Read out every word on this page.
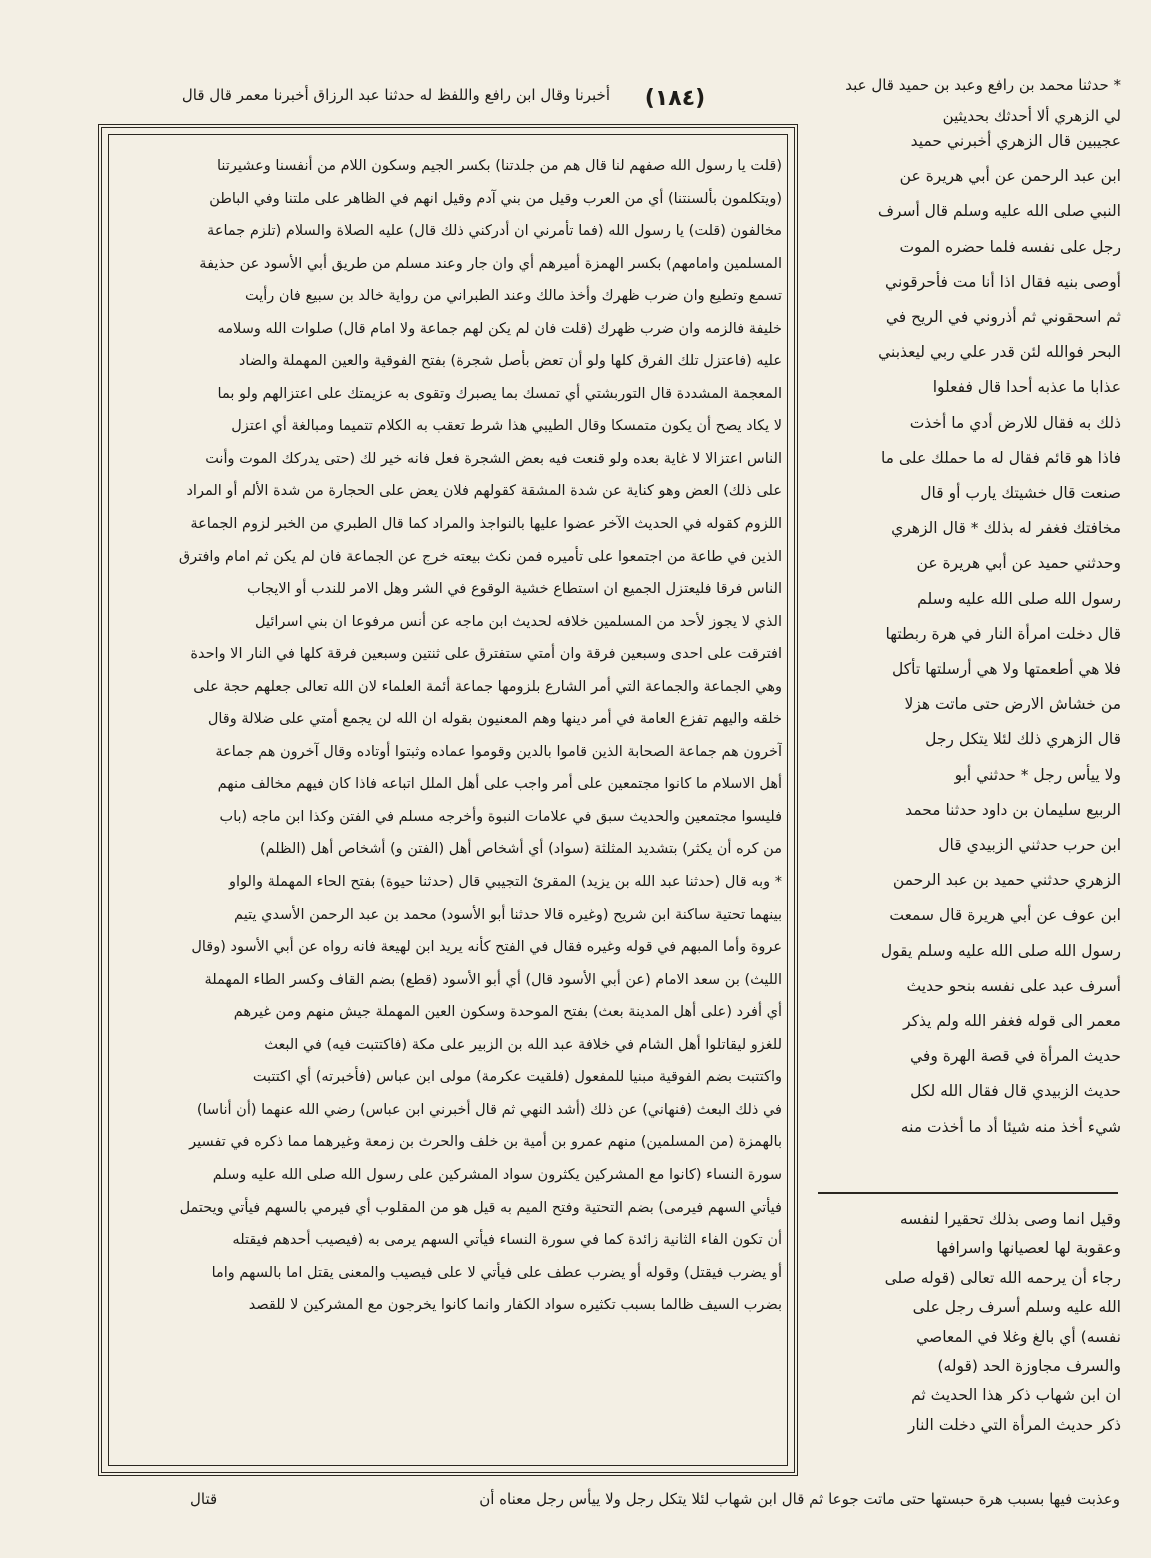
* حدثنا محمد بن رافع وعبد بن حميد قال عبد
لي الزهري ألا أحدثك بحديثين
(١٨٤)
أخبرنا وقال ابن رافع واللفظ له حدثنا عبد الرزاق أخبرنا معمر قال قال
(قلت يا رسول الله صفهم لنا قال هم من جلدتنا) بكسر الجيم وسكون اللام من أنفسنا وعشيرتنا
(ويتكلمون بألسنتنا) أي من العرب وقيل من بني آدم وقيل انهم في الظاهر على ملتنا وفي الباطن
مخالفون (قلت) يا رسول الله (فما تأمرني ان أدركني ذلك قال) عليه الصلاة والسلام (تلزم جماعة
المسلمين وامامهم) بكسر الهمزة أميرهم أي وان جار وعند مسلم من طريق أبي الأسود عن حذيفة
تسمع وتطيع وان ضرب ظهرك وأخذ مالك وعند الطبراني من رواية خالد بن سبيع فان رأيت
خليفة فالزمه وان ضرب ظهرك (قلت فان لم يكن لهم جماعة ولا امام قال) صلوات الله وسلامه
عليه (فاعتزل تلك الفرق كلها ولو أن تعض بأصل شجرة) بفتح الفوقية والعين المهملة والضاد
المعجمة المشددة قال التوربشتي أي تمسك بما يصبرك وتقوى به عزيمتك على اعتزالهم ولو بما
لا يكاد يصح أن يكون متمسكا وقال الطيبي هذا شرط تعقب به الكلام تتميما ومبالغة أي اعتزل
الناس اعتزالا لا غاية بعده ولو قنعت فيه بعض الشجرة فعل فانه خير لك (حتى يدركك الموت وأنت
على ذلك) العض وهو كناية عن شدة المشقة كقولهم فلان يعض على الحجارة من شدة الألم أو المراد
اللزوم كقوله في الحديث الآخر عضوا عليها بالنواجذ والمراد كما قال الطبري من الخبر لزوم الجماعة
الذين في طاعة من اجتمعوا على تأميره فمن نكث بيعته خرج عن الجماعة فان لم يكن ثم امام وافترق
الناس فرقا فليعتزل الجميع ان استطاع خشية الوقوع في الشر وهل الامر للندب أو الايجاب
الذي لا يجوز لأحد من المسلمين خلافه لحديث ابن ماجه عن أنس مرفوعا ان بني اسرائيل
افترقت على احدى وسبعين فرقة وان أمتي ستفترق على ثنتين وسبعين فرقة كلها في النار الا واحدة
وهي الجماعة والجماعة التي أمر الشارع بلزومها جماعة أئمة العلماء لان الله تعالى جعلهم حجة على
خلقه واليهم تفزع العامة في أمر دينها وهم المعنيون بقوله ان الله لن يجمع أمتي على ضلالة وقال
آخرون هم جماعة الصحابة الذين قاموا بالدين وقوموا عماده وثبتوا أوتاده وقال آخرون هم جماعة
أهل الاسلام ما كانوا مجتمعين على أمر واجب على أهل الملل اتباعه فاذا كان فيهم مخالف منهم
فليسوا مجتمعين والحديث سبق في علامات النبوة وأخرجه مسلم في الفتن وكذا ابن ماجه (باب
من كره أن يكثر) بتشديد المثلثة (سواد) أي أشخاص أهل (الفتن و) أشخاص أهل (الظلم)
* وبه قال (حدثنا عبد الله بن يزيد) المقرئ التجيبي قال (حدثنا حيوة) بفتح الحاء المهملة والواو
بينهما تحتية ساكنة ابن شريح (وغيره قالا حدثنا أبو الأسود) محمد بن عبد الرحمن الأسدي يتيم
عروة وأما المبهم في قوله وغيره فقال في الفتح كأنه يريد ابن لهيعة فانه رواه عن أبي الأسود (وقال
الليث) بن سعد الامام (عن أبي الأسود قال) أي أبو الأسود (قطع) بضم القاف وكسر الطاء المهملة
أي أفرد (على أهل المدينة بعث) بفتح الموحدة وسكون العين المهملة جيش منهم ومن غيرهم
للغزو ليقاتلوا أهل الشام في خلافة عبد الله بن الزبير على مكة (فاكتتبت فيه) في البعث
واكتتبت بضم الفوقية مبنيا للمفعول (فلقيت عكرمة) مولى ابن عباس (فأخبرته) أي اكتتبت
في ذلك البعث (فنهاني) عن ذلك (أشد النهي ثم قال أخبرني ابن عباس) رضي الله عنهما (أن أناسا)
بالهمزة (من المسلمين) منهم عمرو بن أمية بن خلف والحرث بن زمعة وغيرهما مما ذكره في تفسير
سورة النساء (كانوا مع المشركين يكثرون سواد المشركين على رسول الله صلى الله عليه وسلم
فيأتي السهم فيرمى) بضم التحتية وفتح الميم به قيل هو من المقلوب أي فيرمي بالسهم فيأتي ويحتمل
أن تكون الفاء الثانية زائدة كما في سورة النساء فيأتي السهم يرمى به (فيصيب أحدهم فيقتله
أو يضرب فيقتل) وقوله أو يضرب عطف على فيأتي لا على فيصيب والمعنى يقتل اما بالسهم واما
بضرب السيف ظالما بسبب تكثيره سواد الكفار وانما كانوا يخرجون مع المشركين لا للقصد
عجيبين قال الزهري أخبرني حميد
ابن عبد الرحمن عن أبي هريرة عن
النبي صلى الله عليه وسلم قال أسرف
رجل على نفسه فلما حضره الموت
أوصى بنيه فقال اذا أنا مت فأحرقوني
ثم اسحقوني ثم أذروني في الريح في
البحر فوالله لئن قدر علي ربي ليعذبني
عذابا ما عذبه أحدا قال ففعلوا
ذلك به فقال للارض أدي ما أخذت
فاذا هو قائم فقال له ما حملك على ما
صنعت قال خشيتك يارب أو قال
مخافتك فغفر له بذلك * قال الزهري
وحدثني حميد عن أبي هريرة عن
رسول الله صلى الله عليه وسلم
قال دخلت امرأة النار في هرة ربطتها
فلا هي أطعمتها ولا هي أرسلتها تأكل
من خشاش الارض حتى ماتت هزلا
قال الزهري ذلك لئلا يتكل رجل
ولا ييأس رجل * حدثني أبو
الربيع سليمان بن داود حدثنا محمد
ابن حرب حدثني الزبيدي قال
الزهري حدثني حميد بن عبد الرحمن
ابن عوف عن أبي هريرة قال سمعت
رسول الله صلى الله عليه وسلم يقول
أسرف عبد على نفسه بنحو حديث
معمر الى قوله فغفر الله ولم يذكر
حديث المرأة في قصة الهرة وفي
حديث الزبيدي قال فقال الله لكل
شيء أخذ منه شيئا أد ما أخذت منه
وقيل انما وصى بذلك تحقيرا لنفسه
وعقوبة لها لعصيانها واسرافها
رجاء أن يرحمه الله تعالى (قوله صلى
الله عليه وسلم أسرف رجل على
نفسه) أي بالغ وغلا في المعاصي
والسرف مجاوزة الحد (قوله)
ان ابن شهاب ذكر هذا الحديث ثم
ذكر حديث المرأة التي دخلت النار
وعذبت فيها بسبب هرة حبستها حتى ماتت جوعا ثم قال ابن شهاب لئلا يتكل رجل ولا ييأس رجل معناه أن
قتال
